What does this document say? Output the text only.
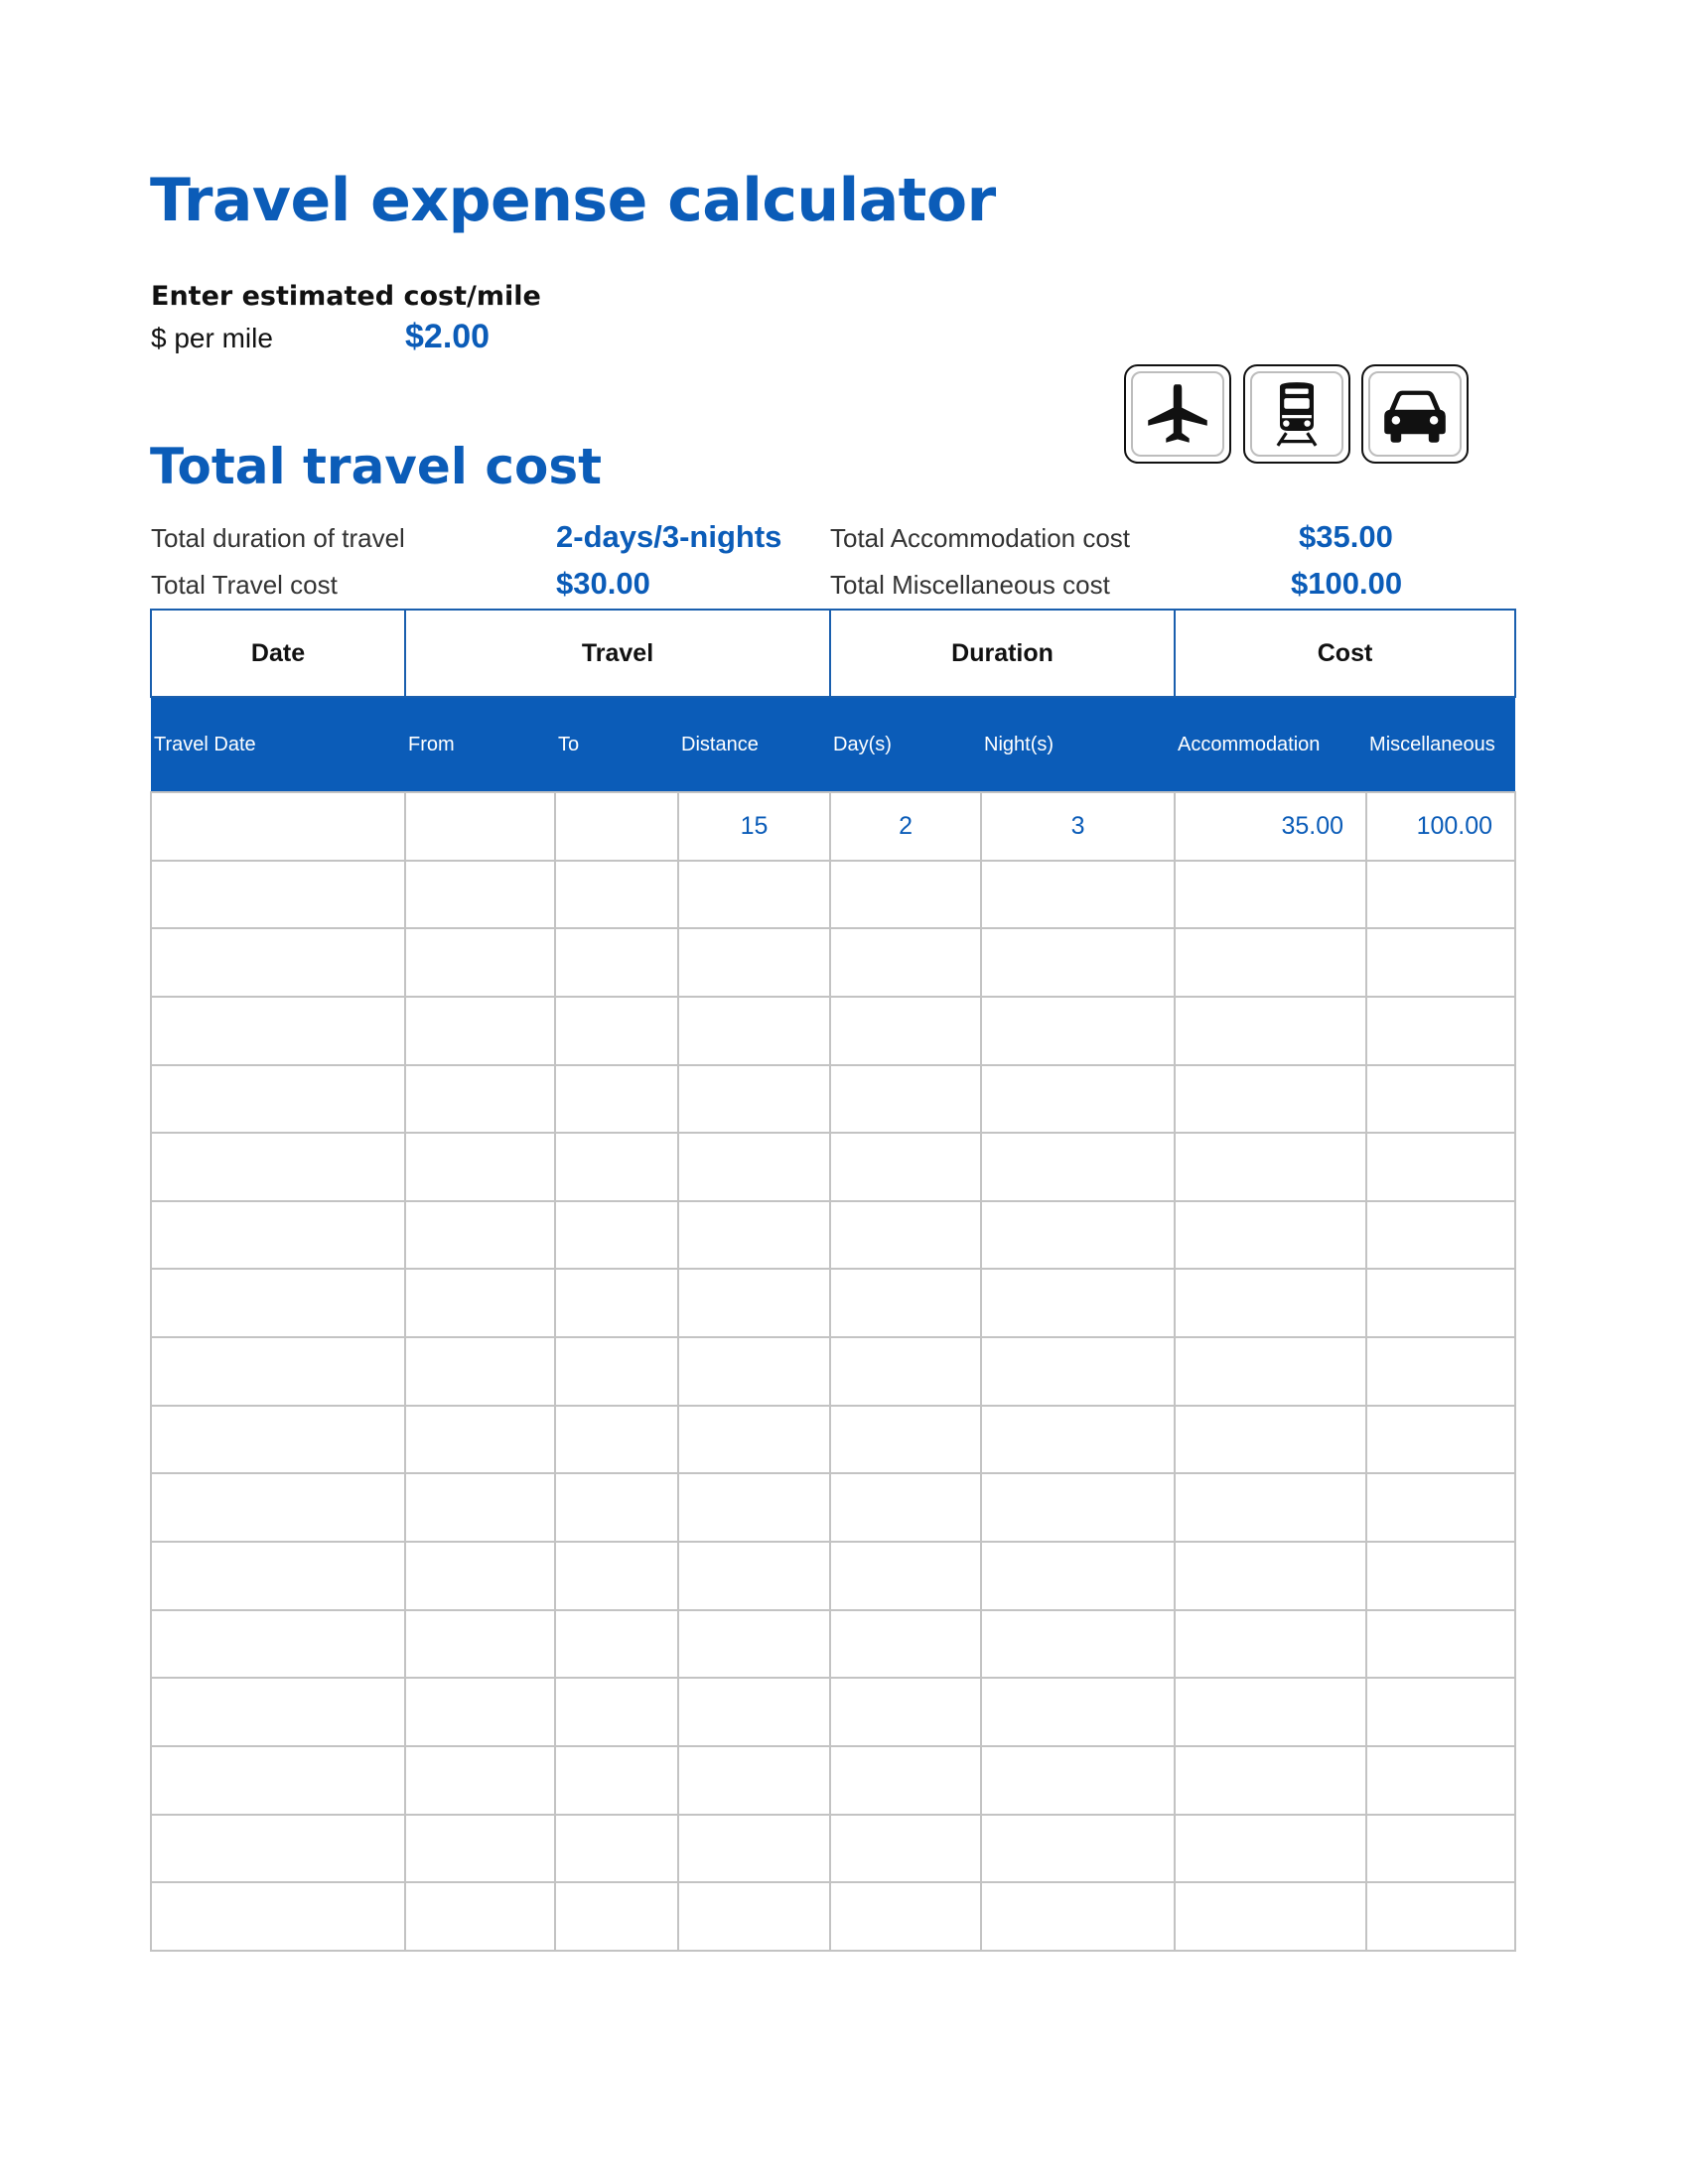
Travel expense calculator
Enter estimated cost/mile
$ per mile	$2.00
Total travel cost
Total duration of travel	2-days/3-nights
Total Travel cost	$30.00
Total Accommodation cost	$35.00
Total Miscellaneous cost	$100.00
Date	Travel			Duration		Cost	
Travel Date	From	To	Distance	Day(s)	Night(s)	Accommodation	Miscellaneous
			15	2	3	35.00	100.00
